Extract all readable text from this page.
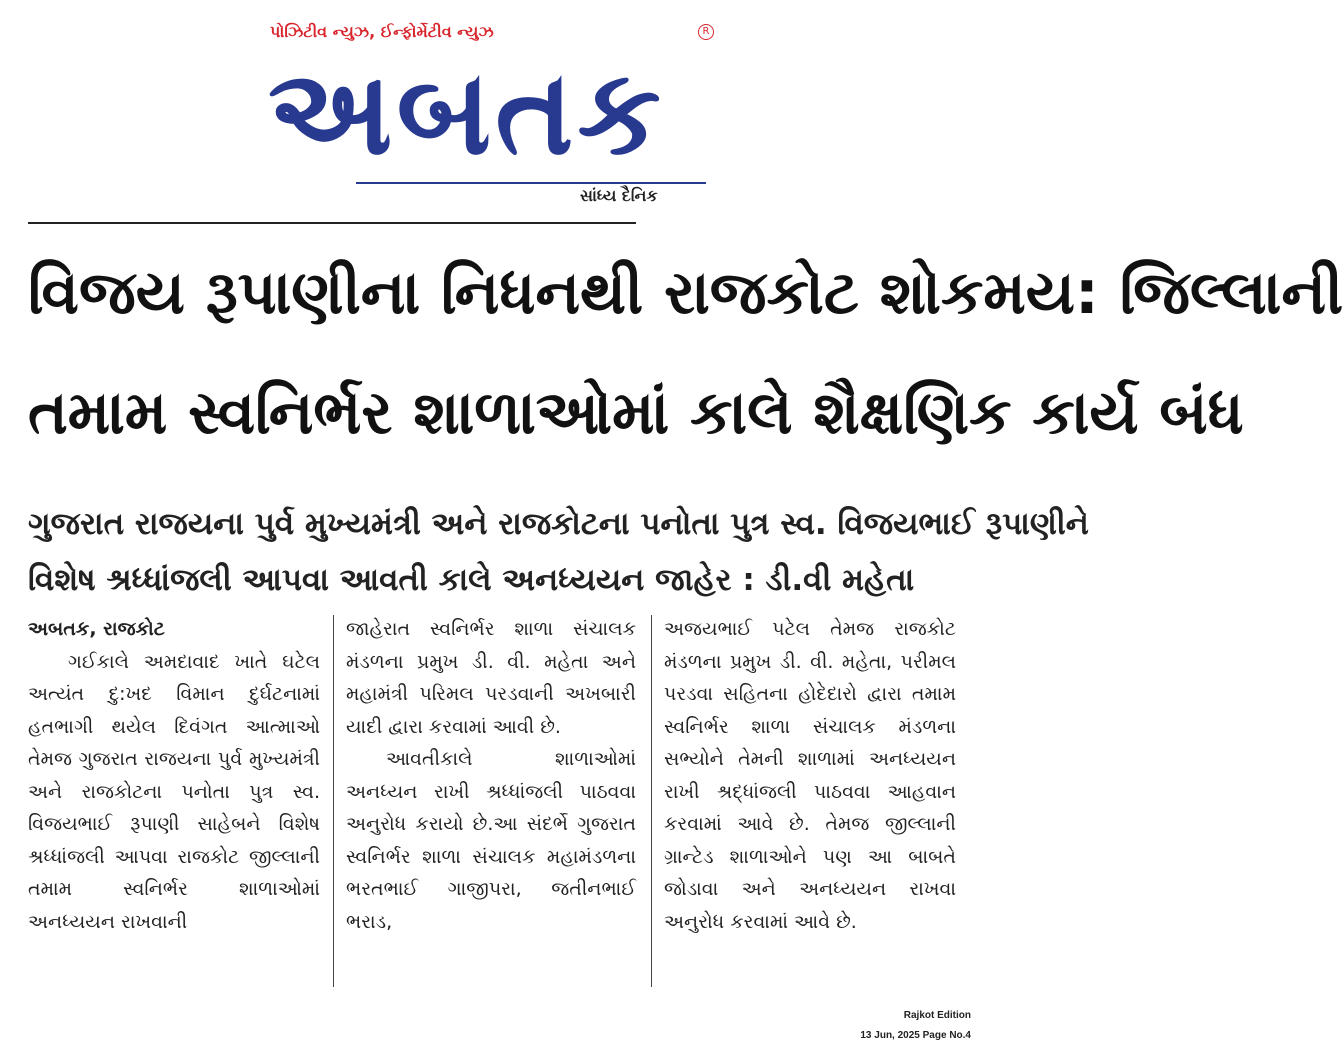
પોઝિટીવ ન્યુઝ, ઈન્ફોર્મેટીવ ન્યુઝ	R
અબતક
સાંધ્ય દૈનિક
વિજય રૂપાણીના નિધનથી રાજકોટ શોકમય: જિલ્લાની
તમામ સ્વનિર્ભર શાળાઓમાં કાલે શૈક્ષણિક કાર્ય બંધ
ગુજરાત રાજયના પુર્વ મુખ્યમંત્રી અને રાજકોટના પનોતા પુત્ર સ્વ. વિજયભાઈ રૂપાણીને
વિશેષ શ્રધ્ધાંજલી આપવા આવતી કાલે અનધ્યયન જાહેર : ડી.વી મહેતા

અબતક, રાજકોટ

ગઈકાલે અમદાવાદ ખાતે ઘટેલ અત્યંત દુ:ખદ વિમાન દુર્ઘટનામાં હતભાગી થયેલ દિવંગત આત્માઓ તેમજ ગુજરાત રાજયના પુર્વ મુખ્યમંત્રી અને રાજકોટના પનોતા પુત્ર સ્વ. વિજયભાઈ રૂપાણી સાહેબને વિશેષ શ્રધ્ધાંજલી આપવા રાજકોટ જીલ્લાની તમામ સ્વનિર્ભર શાળાઓમાં અનધ્યયન રાખવાની

જાહેરાત સ્વનિર્ભર શાળા સંચાલક મંડળના પ્રમુખ ડી. વી. મહેતા અને મહામંત્રી પરિમલ પરડવાની અખબારી યાદી દ્વારા કરવામાં આવી છે.

આવતીકાલે શાળાઓમાં અનધ્યન રાખી શ્રધ્ધાંજલી પાઠવવા અનુરોધ કરાયો છે.આ સંદર્ભે ગુજરાત સ્વનિર્ભર શાળા સંચાલક મહામંડળના ભરતભાઈ ગાજીપરા, જતીનભાઈ ભરાડ,

અજયભાઈ પટેલ તેમજ રાજકોટ મંડળના પ્રમુખ ડી. વી. મહેતા, પરીમલ પરડવા સહિતના હોદેદારો દ્વારા તમામ સ્વનિર્ભર શાળા સંચાલક મંડળના સભ્યોને તેમની શાળામાં અનધ્યયન રાખી શ્રદ્ધાંજલી પાઠવવા આહવાન કરવામાં આવે છે. તેમજ જીલ્લાની ગ્રાન્ટેડ શાળાઓને પણ આ બાબતે જોડાવા અને અનધ્યયન રાખવા અનુરોધ કરવામાં આવે છે.

Rajkot Edition
13 Jun, 2025 Page No.4
